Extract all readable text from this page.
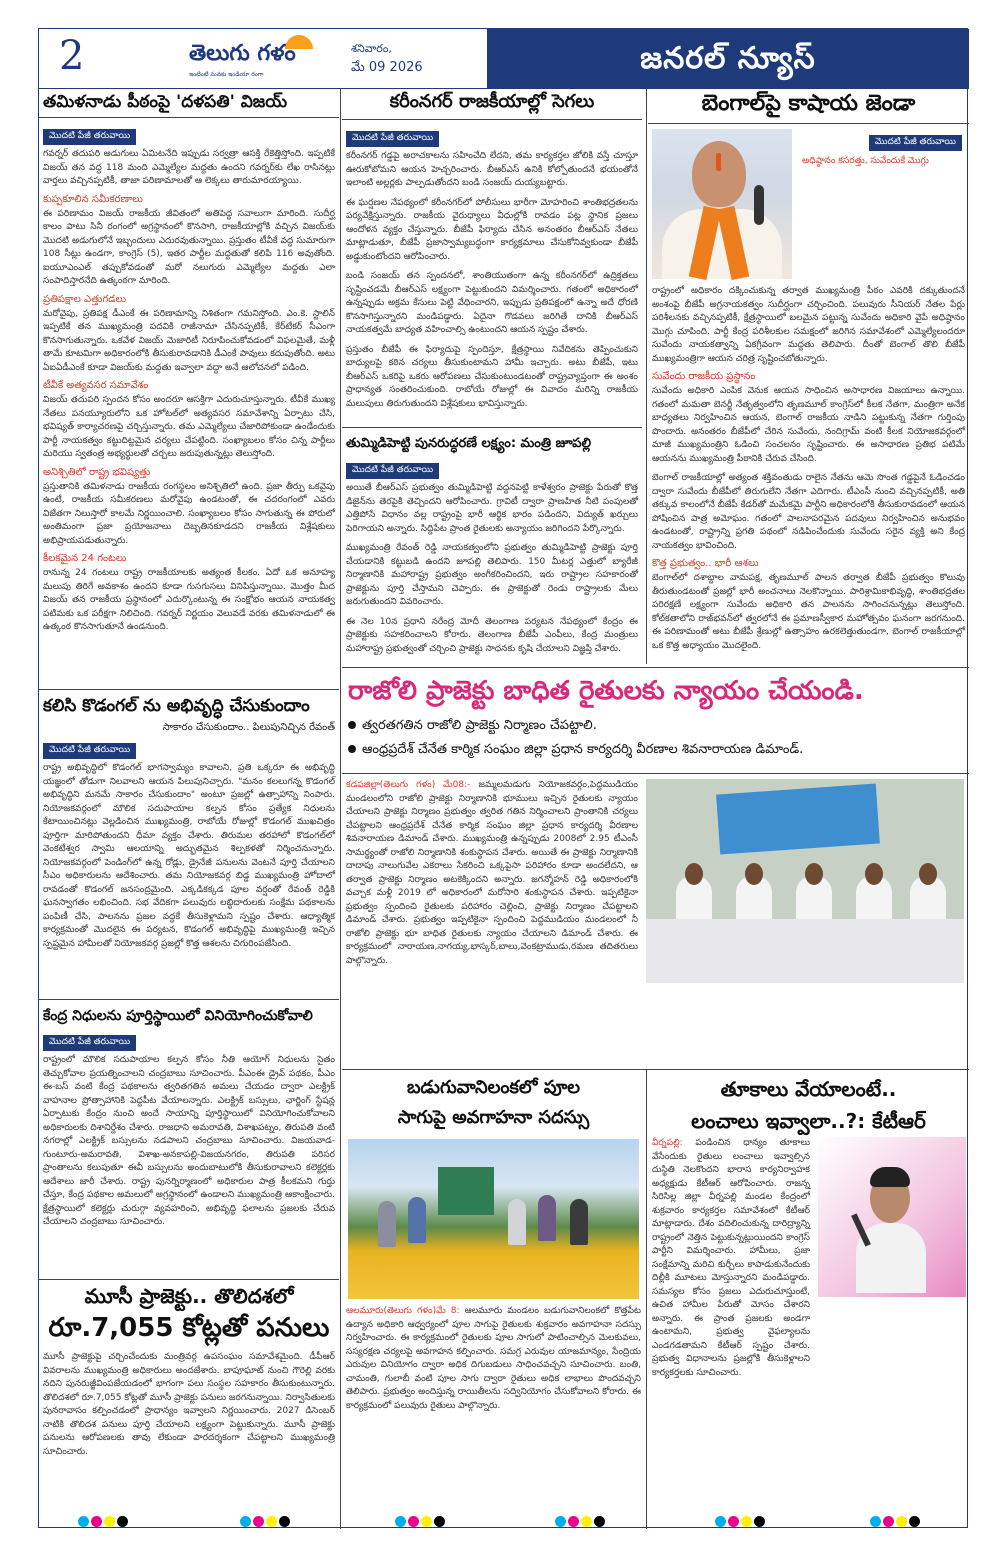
2	తెలుగు గళం
ఇంటింటి మనకు ఇండియా రంగా
శనివారం,
మే 09 2026	జనరల్ న్యూస్
తమిళనాడు పీఠంపై 'దళపతి' విజయ్
మొదటి పేజీ తరువాయి
గవర్నర్ తదుపరి అడుగులు ఏమిటనేది ఇప్పుడు సర్వత్రా ఆసక్తి రేకెత్తిస్తోంది. ఇప్పటికే విజయ్ తన వద్ద 118 మంది ఎమ్మెల్యేల మద్దతు ఉందని గవర్నర్‌కు లేఖ రాసినట్లు వార్తలు వచ్చినప్పటికీ, తాజా పరిణామాలతో ఆ లెక్కలు తారుమారయ్యాయి.
కుప్పకూలిన సమీకరణాలు
ఈ పరిణామం విజయ్ రాజకీయ జీవితంలో అతిపెద్ద సవాలుగా మారింది. సుదీర్ఘ కాలం పాటు సినీ రంగంలో అగ్రస్థానంలో కొనసాగి, రాజకీయాల్లోకి వచ్చిన విజయ్‌కు మొదటి అడుగులోనే ఇబ్బందులు ఎదురవుతున్నాయి. ప్రస్తుతం టీవీకే వద్ద సుమారుగా 108 సీట్లు ఉండగా, కాంగ్రెస్ (5), ఇతర పార్టీల మద్దతుతో కలిపి 116 అవుతోంది. ఐయూఎంఎల్ తప్పుకోవడంతో మరో నలుగురు ఎమ్మెల్యేల మద్దతు ఎలా సంపాదిస్తారనేది ఉత్కంఠగా మారింది.
ప్రతిపక్షాల ఎత్తుగడలు
మరోవైపు, ప్రతిపక్ష డీఎంకే ఈ పరిణామాన్ని నిశితంగా గమనిస్తోంది. ఎం.కె. స్టాలిన్ ఇప్పటికే తన ముఖ్యమంత్రి పదవికి రాజీనామా చేసినప్పటికీ, కేర్‌టేకర్ సీఎంగా కొనసాగుతున్నారు. ఒకవేళ విజయ్ మెజారిటీ నిరూపించుకోవడంలో విఫలమైతే, మళ్లీ తామే కూటమిగా అధికారంలోకి తీసుకురావడానికి డీఎంకే పావులు కదుపుతోంది. అటు ఏఐఏడీఎంకే కూడా విజయ్‌కు మద్దతు ఇవ్వాలా వద్దా అనే ఆలోచనలో పడింది.
టీవీకే అత్యవసర సమావేశం
విజయ్ తదుపరి స్పందన కోసం అందరూ ఆసక్తిగా ఎదురుచూస్తున్నారు. టీవీకే ముఖ్య నేతలు పనయ్యూరులోని ఒక హోటల్‌లో అత్యవసర సమావేశాన్ని ఏర్పాటు చేసి, భవిష్యత్ కార్యాచరణపై చర్చిస్తున్నారు. తమ ఎమ్మెల్యేలు చేజారిపోకుండా ఉండేందుకు పార్టీ నాయకత్వం కట్టుదిట్టమైన చర్యలు చేపట్టింది. సంఖ్యాబలం కోసం చిన్న పార్టీలు మరియు స్వతంత్ర అభ్యర్థులతో చర్చలు జరుపుతున్నట్లు తెలుస్తోంది.
అనిశ్చితిలో రాష్ట్ర భవిష్యత్తు
ప్రస్తుతానికి తమిళనాడు రాజకీయ రంగస్థలం అనిశ్చితిలో ఉంది. ప్రజా తీర్పు ఒకవైపు ఉంటే, రాజకీయ సమీకరణలు మరోవైపు ఉండటంతో, ఈ చదరంగంలో ఎవరు విజేతగా నిలుస్తారో కాలమే నిర్ణయించాలి. సంఖ్యాబలం కోసం సాగుతున్న ఈ పోరులో అంతిమంగా ప్రజా ప్రయోజనాలు దెబ్బతినకూడదని రాజకీయ విశ్లేషకులు అభిప్రాయపడుతున్నారు.
కీలకమైన 24 గంటలు
రానున్న 24 గంటలు రాష్ట్ర రాజకీయాలకు అత్యంత కీలకం. ఏదో ఒక అనూహ్య మలుపు తిరిగే అవకాశం ఉందని కూడా గుసగుసలు వినిపిస్తున్నాయి. మొత్తం మీద విజయ్ తన రాజకీయ ప్రస్థానంలో ఎదుర్కొంటున్న ఈ సంక్షోభం ఆయన నాయకత్వ పటిమకు ఒక పరీక్షగా నిలిచింది. గవర్నర్ నిర్ణయం వెలువడే వరకు తమిళనాడులో ఈ ఉత్కంఠ కొనసాగుతూనే ఉండనుంది.
కలిసి కొడంగల్ ను అభివృద్ధి చేసుకుందాం
సాకారం చేసుకుందాం.. పిలుపునిచ్చిన రేవంత్
మొదటి పేజీ తరువాయి
రాష్ట్ర అభివృద్ధిలో కొడంగల్ భాగస్వామ్యం కావాలని, ప్రతి ఒక్కరూ ఈ అభివృద్ధి యజ్ఞంలో తోడుగా నిలవాలని ఆయన పిలుపునిచ్చారు. "మనం కలలుగన్న కొడంగల్ అభివృద్ధిని మనమే సాకారం చేసుకుందాం" అంటూ ప్రజల్లో ఉత్సాహాన్ని నింపారు. నియోజకవర్గంలో మౌలిక సదుపాయాల కల్పన కోసం ప్రత్యేక నిధులను కేటాయించినట్లు వెల్లడించిన ముఖ్యమంత్రి, రాబోయే రోజుల్లో కొడంగల్ ముఖచిత్రం పూర్తిగా మారిపోతుందని ధీమా వ్యక్తం చేశారు. తిరుమల తరహాలో కొడంగల్‌లో వెంకటేశ్వర స్వామి ఆలయాన్ని అద్భుతమైన శిల్పకళతో నిర్మించనున్నారు. నియోజకవర్గంలో పెండింగ్‌లో ఉన్న రోడ్లు, డ్రైనేజీ పనులను వెంటనే పూర్తి చేయాలని సీఎం అధికారులను ఆదేశించారు. తమ నియోజకవర్గ బిడ్డ ముఖ్యమంత్రి హోదాలో రావడంతో కొడంగల్ జనసంద్రమైంది. ఎక్కడికక్కడ పూల వర్షంతో రేవంత్ రెడ్డికి ఘనస్వాగతం లభించింది. సభ వేదికగా పలువురు లబ్ధిదారులకు సంక్షేమ పథకాలను పంపిణీ చేసి, పాలనను ప్రజల వద్దకే తీసుకెళ్లామని స్పష్టం చేశారు. ఆధ్యాత్మిక కార్యక్రమంతో మొదలైన ఈ పర్యటన, కొడంగల్ అభివృద్ధిపై ముఖ్యమంత్రి ఇచ్చిన స్పష్టమైన హామీలతో నియోజకవర్గ ప్రజల్లో కొత్త ఆశలను చిగురింపజేసింది.
కేంద్ర నిధులను పూర్తిస్థాయిలో వినియోగించుకోవాలి
మొదటి పేజీ తరువాయి
రాష్ట్రంలో మౌలిక సదుపాయాల కల్పన కోసం నీతి ఆయోగ్ నిధులను సైతం తెచ్చుకోవాల ప్రయత్నించాలని చంద్రబాబు సూచించారు. పీఎంఈ డ్రైవ్ పథకం, పీఎం ఈ-బస్ వంటి కేంద్ర పథకాలను త్వరితగతిన అమలు చేయడం ద్వారా ఎలక్ట్రిక్ వాహనాల ప్రోత్సాహానికి పెద్దపీట వేయాలన్నారు. ఎలక్ట్రిక్ బస్సులు, ఛార్జింగ్ స్టేషన్ల ఏర్పాటుకు కేంద్రం నుంచి అందే సాయాన్ని పూర్తిస్థాయిలో వినియోగించుకోవాలని అధికారులకు దిశానిర్దేశం చేశారు. రాజధాని అమరావతి, విశాఖపట్నం, తిరుపతి వంటి నగరాల్లో ఎలక్ట్రిక్ బస్సులను నడపాలని చంద్రబాబు సూచించారు. విజయవాడ-గుంటూరు-అమరావతి, విశాఖ-అనకాపల్లి-విజయనగరం, తిరుపతి పరిసర ప్రాంతాలను కలుపుతూ ఈవీ బస్సులను అందుబాటులోకి తీసుకురావాలని కలెక్టర్లకు ఆదేశాలు జారీ చేశారు. రాష్ట్ర పునర్నిర్మాణంలో అధికారుల పాత్ర కీలకమని గుర్తు చేస్తూ, కేంద్ర పథకాల అమలులో అగ్రస్థానంలో ఉండాలని ముఖ్యమంత్రి ఆకాంక్షించారు. క్షేత్రస్థాయిలో కలెక్టర్లు చురుగ్గా వ్యవహరించి, అభివృద్ధి ఫలాలను ప్రజలకు చేరువ చేయాలని చంద్రబాబు సూచించారు.
మూసీ ప్రాజెక్టు.. తొలిదశలో
రూ.7,055 కోట్లతో పనులు
మూసీ ప్రాజెక్టుపై చర్చించేందుకు మంత్రివర్గ ఉపసంఘం సమావేశమైంది. డీపీఆర్ వివరాలను ముఖ్యమంత్రి అధికారులు అందజేశారు. బాపూఘాట్ నుంచి గౌరెల్లి వరకు నదిని పునరుజ్జీవింపజేయడంలో భాగంగా పలు సంస్థల సహకారం తీసుకుంటున్నారు. తొలిదశలో రూ.7,055 కోట్లతో మూసీ ప్రాజెక్టు పనులు జరగనున్నాయి. నిర్వాసితులకు పునరావాసం కల్పించడంలో ప్రాధాన్యం ఇవ్వాలని నిర్ణయించారు. 2027 డిసెంబర్ నాటికి తొలిదశ పనులు పూర్తి చేయాలని లక్ష్యంగా పెట్టుకున్నారు. మూసీ ప్రాజెక్టు పనులను ఆరోపణలకు తావు లేకుండా పారదర్శకంగా చేపట్టాలని ముఖ్యమంత్రి సూచించారు.
కరీంనగర్ రాజకీయాల్లో సెగలు
మొదటి పేజీ తరువాయి
కరీంనగర్ గడ్డపై అరాచకాలను సహించేది లేదని, తమ కార్యకర్తల జోలికి వస్తే చూస్తూ ఊరుకోబోమని ఆయన హెచ్చరించారు. బీఆర్ఎస్ ఉనికి కోల్పోతుందనే భయంతోనే ఇలాంటి అల్లర్లకు పాల్పడుతోందని బండి సంజయ్ దుయ్యబట్టారు.
ఈ ఘర్షణల నేపథ్యంలో కరీంనగర్‌లో పోలీసులు భారీగా మోహరించి శాంతిభద్రతలను పర్యవేక్షిస్తున్నారు. రాజకీయ వైరుధ్యాలు వీధుల్లోకి రావడం పట్ల స్థానిక ప్రజలు ఆందోళన వ్యక్తం చేస్తున్నారు. బీజేపీ ఫిర్యాదు చేసిన అనంతరం బీఆర్ఎస్ నేతలు మాట్లాడుతూ, బీజేపీ ప్రజాస్వామ్యబద్ధంగా కార్యక్రమాలు చేసుకోనివ్వకుండా బీజేపీ అడ్డుకుంటోందని ఆరోపించారు.
బండి సంజయ్ తన స్పందనలో, శాంతియుతంగా ఉన్న కరీంనగర్‌లో ఉద్రిక్తతలు సృష్టించడమే బీఆర్ఎస్ లక్ష్యంగా పెట్టుకుందని విమర్శించారు. గతంలో అధికారంలో ఉన్నప్పుడు అక్రమ కేసులు పెట్టి వేధించారని, ఇప్పుడు ప్రతిపక్షంలో ఉన్నా అదే ధోరణి కొనసాగిస్తున్నారని మండిపడ్డారు. ఏదైనా గొడవలు జరిగితే దానికి బీఆర్ఎస్ నాయకత్వమే బాధ్యత వహించాల్సి ఉంటుందని ఆయన స్పష్టం చేశారు.
ప్రస్తుతం బీజేపీ ఈ ఫిర్యాదుపై స్పందిస్తూ, క్షేత్రస్థాయి నివేదికను తెప్పించుకుని బాధ్యులపై కఠిన చర్యలు తీసుకుంటామని హామీ ఇచ్చారు. అటు బీజేపీ, ఇటు బీఆర్ఎస్ ఒకరిపై ఒకరు ఆరోపణలు చేసుకుంటుండటంతో రాష్ట్రవ్యాప్తంగా ఈ అంశం ప్రాధాన్యత సంతరించుకుంది. రాబోయే రోజుల్లో ఈ వివాదం మరిన్ని రాజకీయ మలుపులు తిరుగుతుందని విశ్లేషకులు భావిస్తున్నారు.
తుమ్మిడిహెట్టి పునరుద్ధరణే లక్ష్యం: మంత్రి జూపల్లి
మొదటి పేజీ తరువాయి
అయితే బీఆర్ఎస్ ప్రభుత్వం తుమ్మిడిహెట్టి వద్దనపెట్టి కాళేశ్వరం ప్రాజెక్టు పేరుతో కొత్త డిజైన్‌ను తెరపైకి తెచ్చిందని ఆరోపించారు. గ్రావిటీ ద్వారా ప్రాణహిత నీటి పంపులతో ఎత్తిపోసే విధానం వల్ల రాష్ట్రంపై భారీ ఆర్థిక భారం పడిందని, విద్యుత్ ఖర్చులు పెరిగాయని అన్నారు. సిద్దిపేట ప్రాంత రైతులకు అన్యాయం జరిగిందని పేర్కొన్నారు.
ముఖ్యమంత్రి రేవంత్ రెడ్డి నాయకత్వంలోని ప్రభుత్వం తుమ్మిడిహెట్టి ప్రాజెక్టు పూర్తి చేయడానికి కట్టుబడి ఉందని జూపల్లి తెలిపారు. 150 మీటర్ల ఎత్తులో బ్యారేజీ నిర్మాణానికి మహారాష్ట్ర ప్రభుత్వం అంగీకరించిందని, ఇరు రాష్ట్రాల సహకారంతో ప్రాజెక్టును పూర్తి చేస్తామని చెప్పారు. ఈ ప్రాజెక్టుతో రెండు రాష్ట్రాలకు మేలు జరుగుతుందని వివరించారు.
ఈ నెల 10న ప్రధాని నరేంద్ర మోదీ తెలంగాణ పర్యటన నేపథ్యంలో కేంద్రం ఈ ప్రాజెక్టుకు సహకరించాలని కోరారు. తెలంగాణ బీజేపీ ఎంపీలు, కేంద్ర మంత్రులు మహారాష్ట్ర ప్రభుత్వంతో చర్చించి ప్రాజెక్టు సాధనకు కృషి చేయాలని విజ్ఞప్తి చేశారు.
బెంగాల్‌పై కాషాయ జెండా
మొదటి పేజీ తరువాయి
అధిష్ఠానం కసరత్తు, సువేందుకే మొగ్గు
రాష్ట్రంలో అధికారం దక్కించుకున్న తర్వాత ముఖ్యమంత్రి పీఠం ఎవరికి దక్కుతుందనే అంశంపై బీజేపీ అగ్రనాయకత్వం సుదీర్ఘంగా చర్చించింది. పలువురు సీనియర్ నేతల పేర్లు పరిశీలనకు వచ్చినప్పటికీ, క్షేత్రస్థాయిలో బలమైన పట్టున్న సువేందు అధికారి వైపే అధిష్ఠానం మొగ్గు చూపింది. పార్టీ కేంద్ర పరిశీలకుల సమక్షంలో జరిగిన సమావేశంలో ఎమ్మెల్యేలందరూ సువేందు నాయకత్వాన్ని ఏకగ్రీవంగా మద్దతు తెలిపారు. దీంతో బెంగాల్ తొలి బీజేపీ ముఖ్యమంత్రిగా ఆయన చరిత్ర సృష్టించబోతున్నారు.
సువేందు రాజకీయ ప్రస్థానం
సువేందు అధికారి ఎంపిక వెనుక ఆయన సాధించిన అసాధారణ విజయాలు ఉన్నాయి. గతంలో మమతా బెనర్జీ నేతృత్వంలోని తృణమూల్ కాంగ్రెస్‌లో కీలక నేతగా, మంత్రిగా అనేక బాధ్యతలు నిర్వహించిన ఆయన, బెంగాల్ రాజకీయ నాడిని పట్టుకున్న నేతగా గుర్తింపు పొందారు. అనంతరం బీజేపీలో చేరిన సువేందు, నందిగ్రామ్ వంటి కీలక నియోజకవర్గంలో మాజీ ముఖ్యమంత్రిని ఓడించి సంచలనం సృష్టించారు. ఈ అసాధారణ ప్రతిభ పటిమే ఆయనను ముఖ్యమంత్రి పీఠానికి చేరువ చేసింది.
బెంగాల్ రాజకీయాల్లో అత్యంత శక్తివంతుడు రాలైన నేతను ఆమె సొంత గడ్డపైనే ఓడించడం ద్వారా సువేందు బీజేపీలో తిరుగులేని నేతగా ఎదిగారు. టీఎంసీ నుంచి వచ్చినప్పటికీ, అతి తక్కువ కాలంలోనే బీజేపీ కేడర్‌తో మమేకమై పార్టీని అధికారంలోకి తీసుకురావడంలో ఆయన పోషించిన పాత్ర అమోఘం. గతంలో పాలనాపరమైన పదవులు నిర్వహించిన అనుభవం ఉండటంతో, రాష్ట్రాన్ని ప్రగతి పథంలో నడిపించేందుకు సువేందు సరైన వ్యక్తి అని కేంద్ర నాయకత్వం భావించింది.
కొత్త ప్రభుత్వం.. భారీ ఆశలు
బెంగాల్‌లో దశాబ్దాల వామపక్ష, తృణమూల్ పాలన తర్వాత బీజేపీ ప్రభుత్వం కొలువు తీరుతుండటంతో ప్రజల్లో భారీ అంచనాలు నెలకొన్నాయి. పారిశ్రామికాభివృద్ధి, శాంతిభద్రతల పరిరక్షణే లక్ష్యంగా సువేందు అధికారి తన పాలనను సాగించనున్నట్లు తెలుస్తోంది. కోల్‌కతాలోని రాజ్‌భవన్‌లో త్వరలోనే ఈ ప్రమాణస్వీకార మహోత్సవం ఘనంగా జరగనుంది. ఈ పరిణామంతో అటు బీజేపీ శ్రేణుల్లో ఉత్సాహం ఉరకలెత్తుతుండగా, బెంగాల్ రాజకీయాల్లో ఒక కొత్త అధ్యాయం మొదలైంది.
రాజోలి ప్రాజెక్టు బాధిత రైతులకు న్యాయం చేయండి.
త్వరతగతిన రాజోలి ప్రాజెక్టు నిర్మాణం చేపట్టాలి.
ఆంధ్రప్రదేశ్ చేనేత కార్మిక సంఘం జిల్లా ప్రధాన కార్యదర్శి వీరణాల శివనారాయణ డిమాండ్.
కడపజిల్లా(తెలుగు గళం) మే08:- జమ్మలమడుగు నియోజకవర్గం,పెద్దముడియం మండలంలోని రాజోలి ప్రాజెక్టు నిర్మాణానికి భూములు ఇచ్చిన రైతులకు న్యాయం చేయాలని ప్రాజెక్టు నిర్మాణం ప్రభుత్వం త్వరిత గతిన నిర్మించాలని ప్రాంతానికి చర్యలు చేపట్టాలని ఆంధ్రప్రదేశ్ చేనేత కార్మిక సంఘం జిల్లా ప్రధాన కార్యదర్శి వీరణాల శివనారాయణ డిమాండ్ చేశారు. ముఖ్యమంత్రి ఉన్నప్పుడు 2008లో 2.95 టీఎంసీ సామర్థ్యంతో రాజోలి నిర్మాణానికి శంకుస్థాపన చేశారు. అయితే ఈ ప్రాజెక్టు నిర్మాణానికి దాదాపు నాలుగువేల ఎకరాలు సేకరించి ఒక్కపైసా పరిహారం కూడా అందలేదని, ఆ తర్వాత ప్రాజెక్టు నిర్మాణం అటకెక్కిందని అన్నారు. జగన్మోహన్ రెడ్డి అధికారంలోకి వచ్చాక మళ్లీ 2019 లో అధికారంలో మరోసారి శంకుస్థాపన చేశారు. ఇప్పటికైనా ప్రభుత్వం స్పందించి రైతులకు పరిహారం చెల్లించి, ప్రాజెక్టు నిర్మాణం చేపట్టాలని డిమాండ్ చేశారు. ప్రభుత్వం ఇప్పటికైనా స్పందించి పెద్దముడియం మండలంలో నీ రాజోలి ప్రాజెక్టు భూ బాధిత రైతులకు న్యాయం చేయాలని డిమాండ్ చేశారు. ఈ కార్యక్రమంలో నారాయణ,నాగయ్య,భాస్కర్,బాలు,వెంకట్రాముడు,రమణ తదితరులు పాల్గొన్నారు.
బడుగువానిలంకలో పూల
సాగుపై అవగాహనా సదస్సు
ఆలమూరు(తెలుగు గళం)మే 8: ఆలమూరు మండలం బడుగువానిలంకలో కొత్తపేట ఉద్యాన అధికారి ఆధ్వర్యంలో పూల సాగుపై రైతులకు శుక్రవారం అవగాహనా సదస్సు నిర్వహించారు. ఈ కార్యక్రమంలో రైతులకు పూల సాగులో పాటించాల్సిన మెలకువలు, సస్యరక్షణ చర్యలపై అవగాహన కల్పించారు. సమగ్ర ఎరువుల యాజమాన్యం, సేంద్రియ ఎరువుల వినియోగం ద్వారా అధిక దిగుబడులు సాధించవచ్చని సూచించారు. బంతి, చామంతి, గులాబీ వంటి పూల సాగు ద్వారా రైతులు అధిక లాభాలు పొందవచ్చని తెలిపారు. ప్రభుత్వం అందిస్తున్న రాయితీలను సద్వినియోగం చేసుకోవాలని కోరారు. ఈ కార్యక్రమంలో పలువురు రైతులు పాల్గొన్నారు.
తూకాలు వేయాలంటే..
లంచాలు ఇవ్వాలా..?: కేటీఆర్
వీర్నపల్లి: పండించిన ధాన్యం తూకాలు వేసేందుకు రైతులు లంచాలు ఇవ్వాల్సిన దుస్థితి నెలకొందని భారాస కార్యనిర్వాహక అధ్యక్షుడు కేటీఆర్ ఆరోపించారు. రాజన్న సిరిసిల్ల జిల్లా వీర్నపల్లి మండల కేంద్రంలో శుక్రవారం కార్యకర్తల సమావేశంలో కేటీఆర్ మాట్లాడారు. దేశం వదిలించుకున్న దారిద్ర్యాన్ని రాష్ట్రంలో నెత్తిన పెట్టుకున్నట్లుయిందని కాంగ్రెస్ పార్టీని విమర్శించారు. హామీలు, ప్రజా సంక్షేమాన్ని మరిచి కుర్చీలు కాపాడుకునేందుకు దిల్లీకి మూటలు మోస్తున్నారని మండిపడ్డారు. సమస్యల కోసం ప్రజలు ఎదురుచూస్తుంటే, ఉచిత హామీల పేరుతో మోసం చేశారని అన్నారు. ఈ ప్రాంత ప్రజలకు అండగా ఉంటామని, ప్రభుత్వ వైఫల్యాలను ఎండగడతామని కేటీఆర్ స్పష్టం చేశారు. ప్రభుత్వ విధానాలను ప్రజల్లోకి తీసుకెళ్లాలని కార్యకర్తలకు సూచించారు.
